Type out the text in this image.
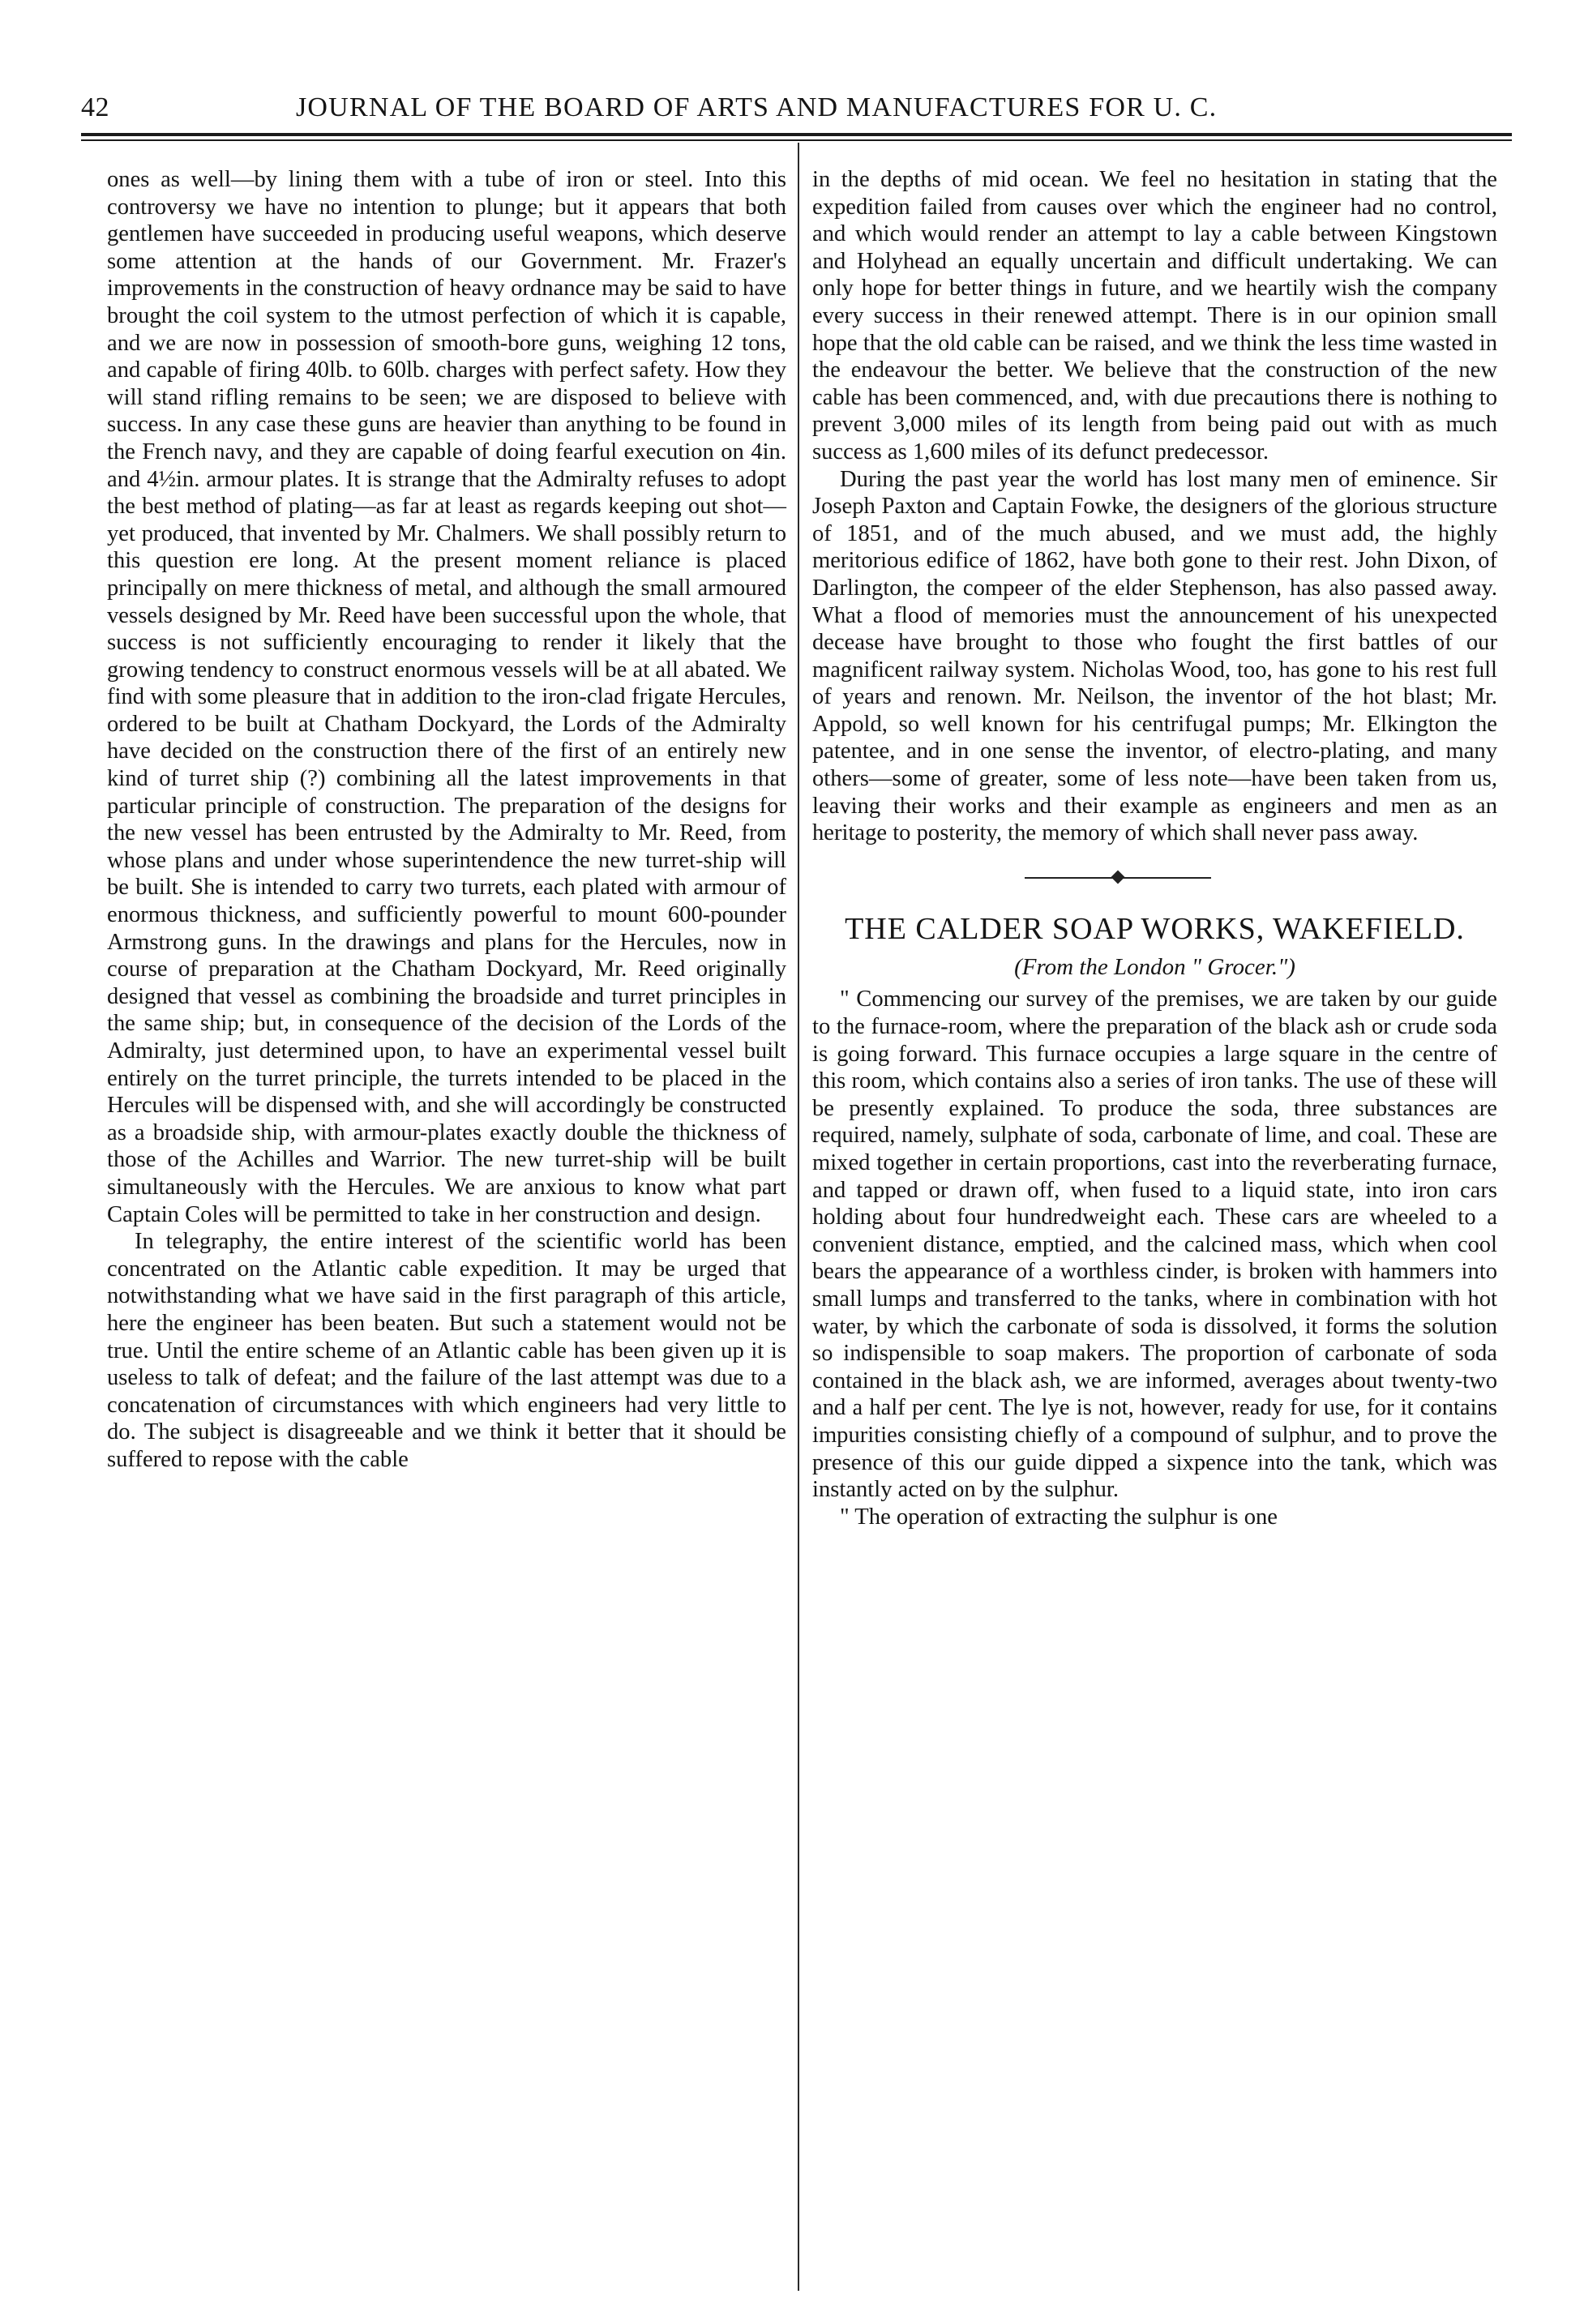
42	JOURNAL OF THE BOARD OF ARTS AND MANUFACTURES FOR U. C.

ones as well—by lining them with a tube of iron or steel. Into this controversy we have no intention to plunge; but it appears that both gentlemen have succeeded in producing useful weapons, which deserve some attention at the hands of our Government. Mr. Frazer's improvements in the construction of heavy ordnance may be said to have brought the coil system to the utmost perfection of which it is capable, and we are now in possession of smooth-bore guns, weighing 12 tons, and capable of firing 40lb. to 60lb. charges with perfect safety. How they will stand rifling remains to be seen; we are disposed to believe with success. In any case these guns are heavier than anything to be found in the French navy, and they are capable of doing fearful execution on 4in. and 4½in. armour plates. It is strange that the Admiralty refuses to adopt the best method of plating—as far at least as regards keeping out shot—yet produced, that invented by Mr. Chalmers. We shall possibly return to this question ere long. At the present moment reliance is placed principally on mere thickness of metal, and although the small armoured vessels designed by Mr. Reed have been successful upon the whole, that success is not sufficiently encouraging to render it likely that the growing tendency to construct enormous vessels will be at all abated. We find with some pleasure that in addition to the iron-clad frigate Hercules, ordered to be built at Chatham Dockyard, the Lords of the Admiralty have decided on the construction there of the first of an entirely new kind of turret ship (?) combining all the latest improvements in that particular principle of construction. The preparation of the designs for the new vessel has been entrusted by the Admiralty to Mr. Reed, from whose plans and under whose superintendence the new turret-ship will be built. She is intended to carry two turrets, each plated with armour of enormous thickness, and sufficiently powerful to mount 600-pounder Armstrong guns. In the drawings and plans for the Hercules, now in course of preparation at the Chatham Dockyard, Mr. Reed originally designed that vessel as combining the broadside and turret principles in the same ship; but, in consequence of the decision of the Lords of the Admiralty, just determined upon, to have an experimental vessel built entirely on the turret principle, the turrets intended to be placed in the Hercules will be dispensed with, and she will accordingly be constructed as a broadside ship, with armour-plates exactly double the thickness of those of the Achilles and Warrior. The new turret-ship will be built simultaneously with the Hercules. We are anxious to know what part Captain Coles will be permitted to take in her construction and design.

In telegraphy, the entire interest of the scientific world has been concentrated on the Atlantic cable expedition. It may be urged that notwithstanding what we have said in the first paragraph of this article, here the engineer has been beaten. But such a statement would not be true. Until the entire scheme of an Atlantic cable has been given up it is useless to talk of defeat; and the failure of the last attempt was due to a concatenation of circumstances with which engineers had very little to do. The subject is disagreeable and we think it better that it should be suffered to repose with the cable

in the depths of mid ocean. We feel no hesitation in stating that the expedition failed from causes over which the engineer had no control, and which would render an attempt to lay a cable between Kingstown and Holyhead an equally uncertain and difficult undertaking. We can only hope for better things in future, and we heartily wish the company every success in their renewed attempt. There is in our opinion small hope that the old cable can be raised, and we think the less time wasted in the endeavour the better. We believe that the construction of the new cable has been commenced, and, with due precautions there is nothing to prevent 3,000 miles of its length from being paid out with as much success as 1,600 miles of its defunct predecessor.

During the past year the world has lost many men of eminence. Sir Joseph Paxton and Captain Fowke, the designers of the glorious structure of 1851, and of the much abused, and we must add, the highly meritorious edifice of 1862, have both gone to their rest. John Dixon, of Darlington, the compeer of the elder Stephenson, has also passed away. What a flood of memories must the announcement of his unexpected decease have brought to those who fought the first battles of our magnificent railway system. Nicholas Wood, too, has gone to his rest full of years and renown. Mr. Neilson, the inventor of the hot blast; Mr. Appold, so well known for his centrifugal pumps; Mr. Elkington the patentee, and in one sense the inventor, of electro-plating, and many others—some of greater, some of less note—have been taken from us, leaving their works and their example as engineers and men as an heritage to posterity, the memory of which shall never pass away.

THE CALDER SOAP WORKS, WAKEFIELD.
(From the London " Grocer.")

" Commencing our survey of the premises, we are taken by our guide to the furnace-room, where the preparation of the black ash or crude soda is going forward. This furnace occupies a large square in the centre of this room, which contains also a series of iron tanks. The use of these will be presently explained. To produce the soda, three substances are required, namely, sulphate of soda, carbonate of lime, and coal. These are mixed together in certain proportions, cast into the reverberating furnace, and tapped or drawn off, when fused to a liquid state, into iron cars holding about four hundredweight each. These cars are wheeled to a convenient distance, emptied, and the calcined mass, which when cool bears the appearance of a worthless cinder, is broken with hammers into small lumps and transferred to the tanks, where in combination with hot water, by which the carbonate of soda is dissolved, it forms the solution so indispensible to soap makers. The proportion of carbonate of soda contained in the black ash, we are informed, averages about twenty-two and a half per cent. The lye is not, however, ready for use, for it contains impurities consisting chiefly of a compound of sulphur, and to prove the presence of this our guide dipped a sixpence into the tank, which was instantly acted on by the sulphur.

" The operation of extracting the sulphur is one
